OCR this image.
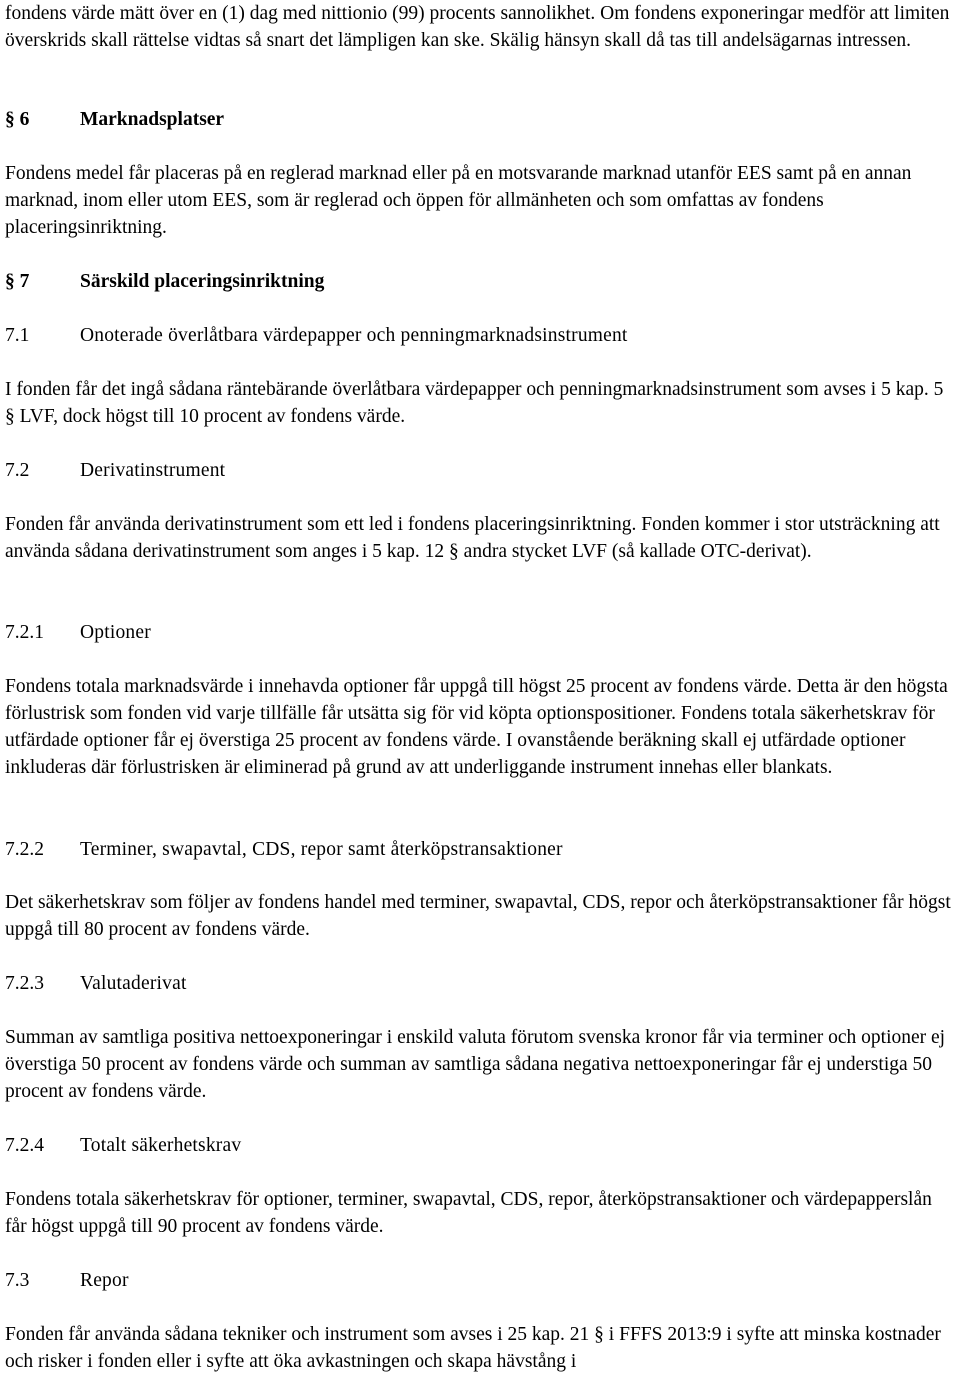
fondens värde mätt över en (1) dag med nittionio (99) procents sannolikhet. Om fondens exponeringar medför att limiten överskrids skall rättelse vidtas så snart det lämpligen kan ske. Skälig hänsyn skall då tas till andelsägarnas intressen.

§ 6	Marknadsplatser

Fondens medel får placeras på en reglerad marknad eller på en motsvarande marknad utanför EES samt på en annan marknad, inom eller utom EES, som är reglerad och öppen för allmänheten och som omfattas av fondens placeringsinriktning.

§ 7	Särskild placeringsinriktning
7.1	Onoterade överlåtbara värdepapper och penningmarknadsinstrument

I fonden får det ingå sådana räntebärande överlåtbara värdepapper och penningmarknadsinstrument som avses i 5 kap. 5 § LVF, dock högst till 10 procent av fondens värde.

7.2	Derivatinstrument

Fonden får använda derivatinstrument som ett led i fondens placeringsinriktning. Fonden kommer i stor utsträckning att använda sådana derivatinstrument som anges i 5 kap. 12 § andra stycket LVF (så kallade OTC-derivat).

7.2.1 Optioner

Fondens totala marknadsvärde i innehavda optioner får uppgå till högst 25 procent av fondens värde. Detta är den högsta förlustrisk som fonden vid varje tillfälle får utsätta sig för vid köpta optionspositioner. Fondens totala säkerhetskrav för utfärdade optioner får ej överstiga 25 procent av fondens värde. I ovanstående beräkning skall ej utfärdade optioner inkluderas där förlustrisken är eliminerad på grund av att underliggande instrument innehas eller blankats.

7.2.2 Terminer, swapavtal, CDS, repor samt återköpstransaktioner

Det säkerhetskrav som följer av fondens handel med terminer, swapavtal, CDS, repor och återköpstransaktioner får högst uppgå till 80 procent av fondens värde.

7.2.3 Valutaderivat

Summan av samtliga positiva nettoexponeringar i enskild valuta förutom svenska kronor får via terminer och optioner ej överstiga 50 procent av fondens värde och summan av samtliga sådana negativa nettoexponeringar får ej understiga 50 procent av fondens värde.

7.2.4 Totalt säkerhetskrav

Fondens totala säkerhetskrav för optioner, terminer, swapavtal, CDS, repor, återköpstransaktioner och värdepapperslån får högst uppgå till 90 procent av fondens värde.

7.3	Repor

Fonden får använda sådana tekniker och instrument som avses i 25 kap. 21 § i FFFS 2013:9 i syfte att minska kostnader och risker i fonden eller i syfte att öka avkastningen och skapa hävstång i
